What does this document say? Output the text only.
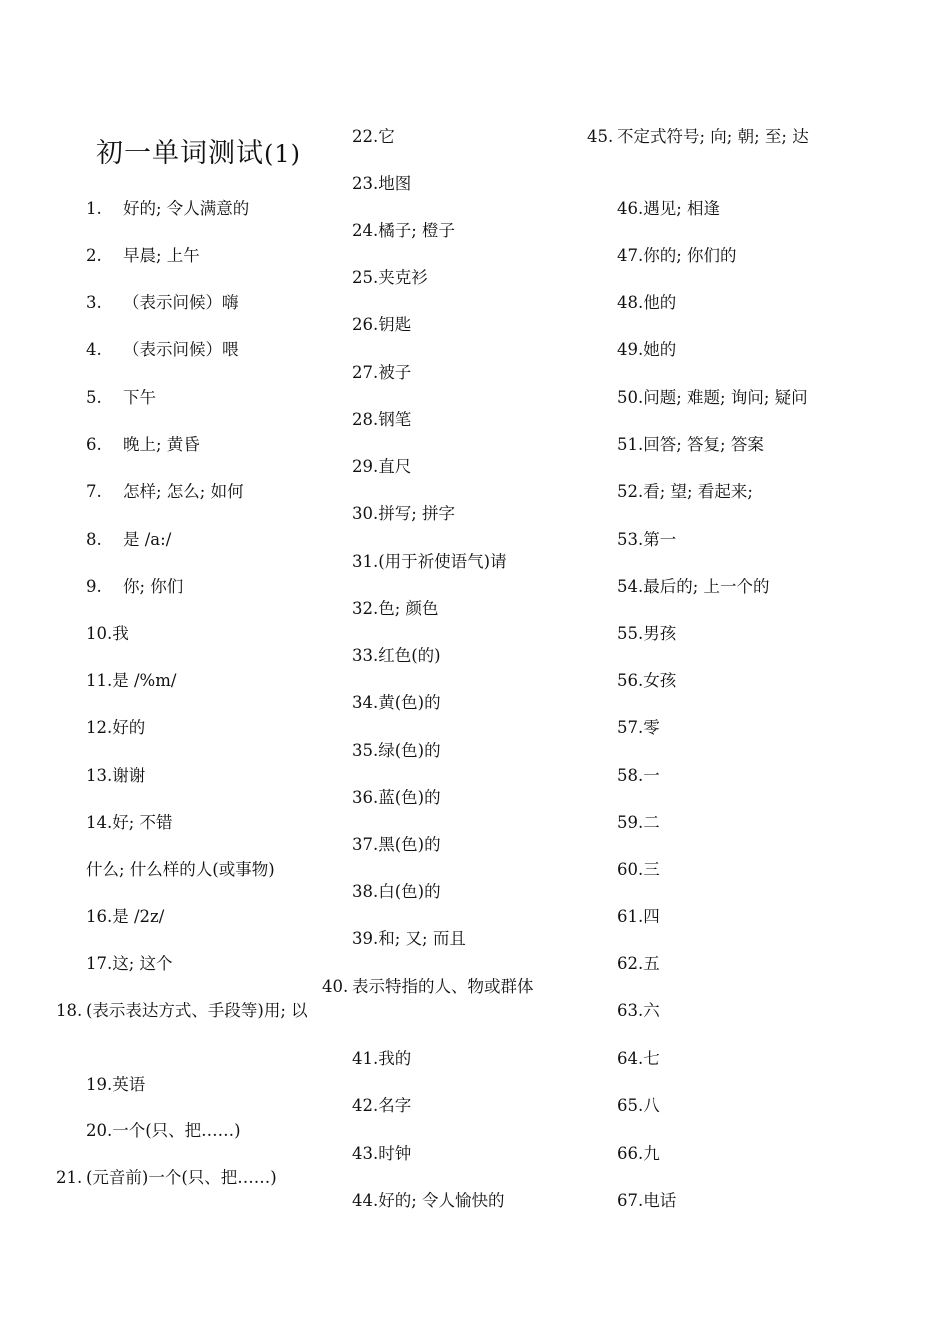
初一单词测试(1)
1. 好的; 令人满意的
2. 早晨; 上午
3. （表示问候）嗨
4. （表示问候）喂
5. 下午
6. 晚上; 黄昏
7. 怎样; 怎么; 如何
8. 是 /a:/
9. 你; 你们
10.我
11.是 /%m/
12.好的
13.谢谢
14.好; 不错
什么; 什么样的人(或事物)
16.是 /2z/
17.这; 这个
18. (表示表达方式、手段等)用; 以
19.英语
20.一个(只、把……)
21. (元音前)一个(只、把……)
22.它
23.地图
24.橘子; 橙子
25.夹克衫
26.钥匙
27.被子
28.钢笔
29.直尺
30.拼写; 拼字
31.(用于祈使语气)请
32.色; 颜色
33.红色(的)
34.黄(色)的
35.绿(色)的
36.蓝(色)的
37.黑(色)的
38.白(色)的
39.和; 又; 而且
40. 表示特指的人、物或群体
41.我的
42.名字
43.时钟
44.好的; 令人愉快的
45. 不定式符号; 向; 朝; 至; 达
46.遇见; 相逢
47.你的; 你们的
48.他的
49.她的
50.问题; 难题; 询问; 疑问
51.回答; 答复; 答案
52.看; 望; 看起来;
53.第一
54.最后的; 上一个的
55.男孩
56.女孩
57.零
58.一
59.二
60.三
61.四
62.五
63.六
64.七
65.八
66.九
67.电话
